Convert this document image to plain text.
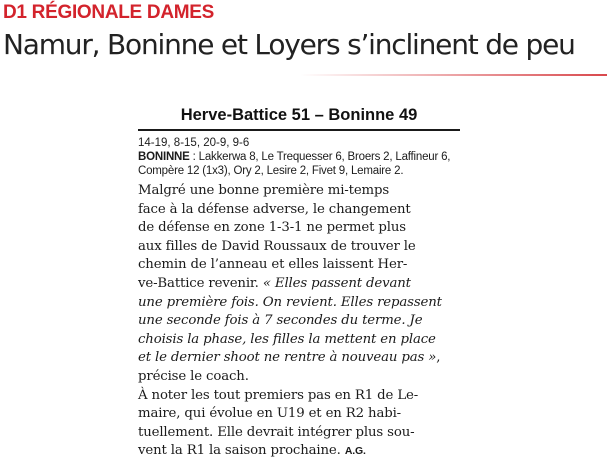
D1 RÉGIONALE DAMES
Namur, Boninne et Loyers s’inclinent de peu
Herve-Battice 51 – Boninne 49
14-19, 8-15, 20-9, 9-6
BONINNE : Lakkerwa 8, Le Trequesser 6, Broers 2, Laffineur 6,
Compère 12 (1x3), Ory 2, Lesire 2, Fivet 9, Lemaire 2.

Malgré une bonne première mi-temps
face à la défense adverse, le changement
de défense en zone 1-3-1 ne permet plus
aux filles de David Roussaux de trouver le
chemin de l’anneau et elles laissent Her-
ve-Battice revenir. « Elles passent devant
une première fois. On revient. Elles repassent
une seconde fois à 7 secondes du terme. Je
choisis la phase, les filles la mettent en place
et le dernier shoot ne rentre à nouveau pas »,
précise le coach.

À noter les tout premiers pas en R1 de Le-
maire, qui évolue en U19 et en R2 habi-
tuellement. Elle devrait intégrer plus sou-
vent la R1 la saison prochaine. A.G.
